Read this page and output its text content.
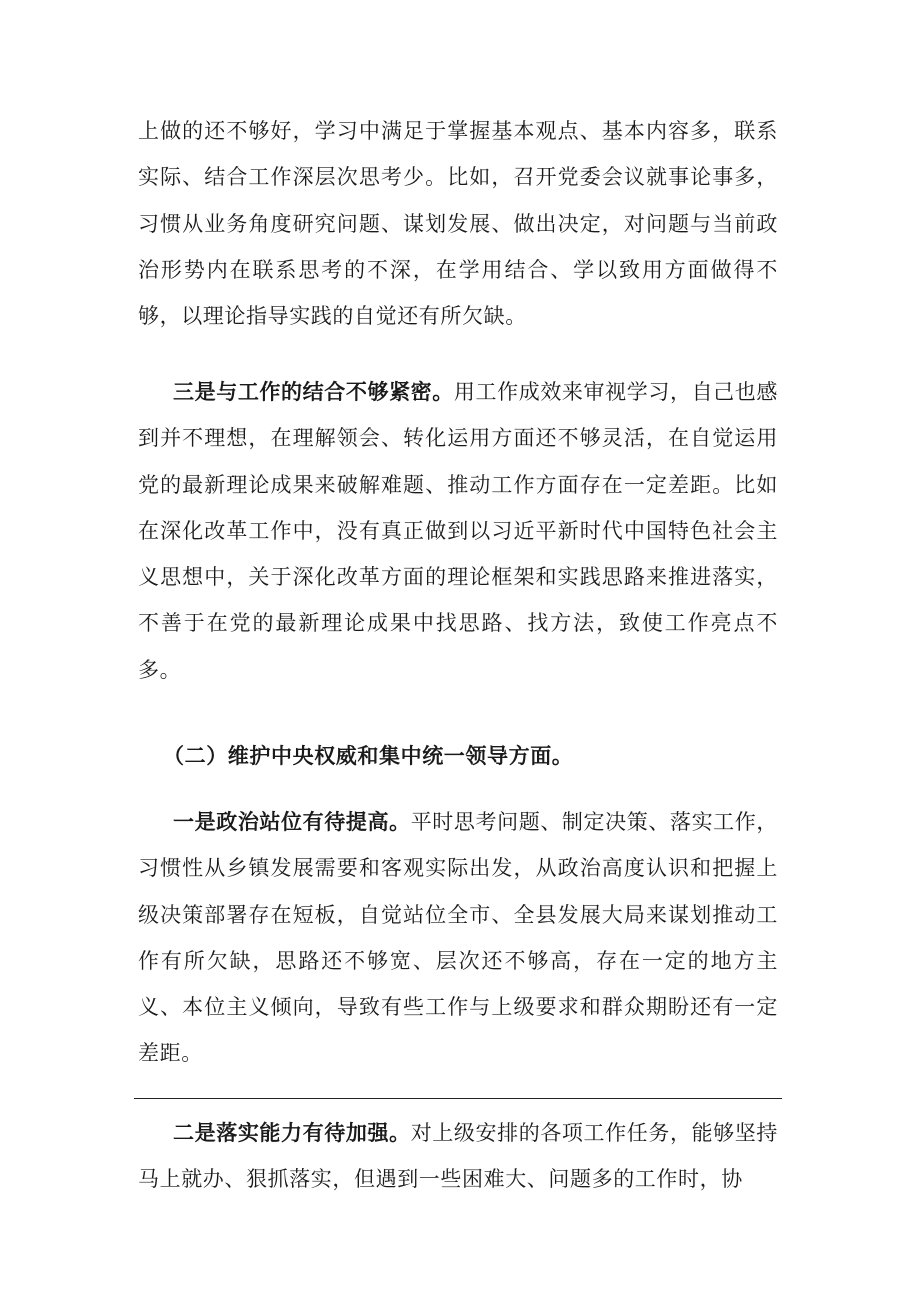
上做的还不够好，学习中满足于掌握基本观点、基本内容多，联系实际、结合工作深层次思考少。比如，召开党委会议就事论事多，习惯从业务角度研究问题、谋划发展、做出决定，对问题与当前政治形势内在联系思考的不深，在学用结合、学以致用方面做得不够，以理论指导实践的自觉还有所欠缺。

三是与工作的结合不够紧密。用工作成效来审视学习，自己也感到并不理想，在理解领会、转化运用方面还不够灵活，在自觉运用党的最新理论成果来破解难题、推动工作方面存在一定差距。比如在深化改革工作中，没有真正做到以习近平新时代中国特色社会主义思想中，关于深化改革方面的理论框架和实践思路来推进落实，不善于在党的最新理论成果中找思路、找方法，致使工作亮点不多。

（二）维护中央权威和集中统一领导方面。

一是政治站位有待提高。平时思考问题、制定决策、落实工作，习惯性从乡镇发展需要和客观实际出发，从政治高度认识和把握上级决策部署存在短板，自觉站位全市、全县发展大局来谋划推动工作有所欠缺，思路还不够宽、层次还不够高，存在一定的地方主义、本位主义倾向，导致有些工作与上级要求和群众期盼还有一定差距。

二是落实能力有待加强。对上级安排的各项工作任务，能够坚持马上就办、狠抓落实，但遇到一些困难大、问题多的工作时，协
